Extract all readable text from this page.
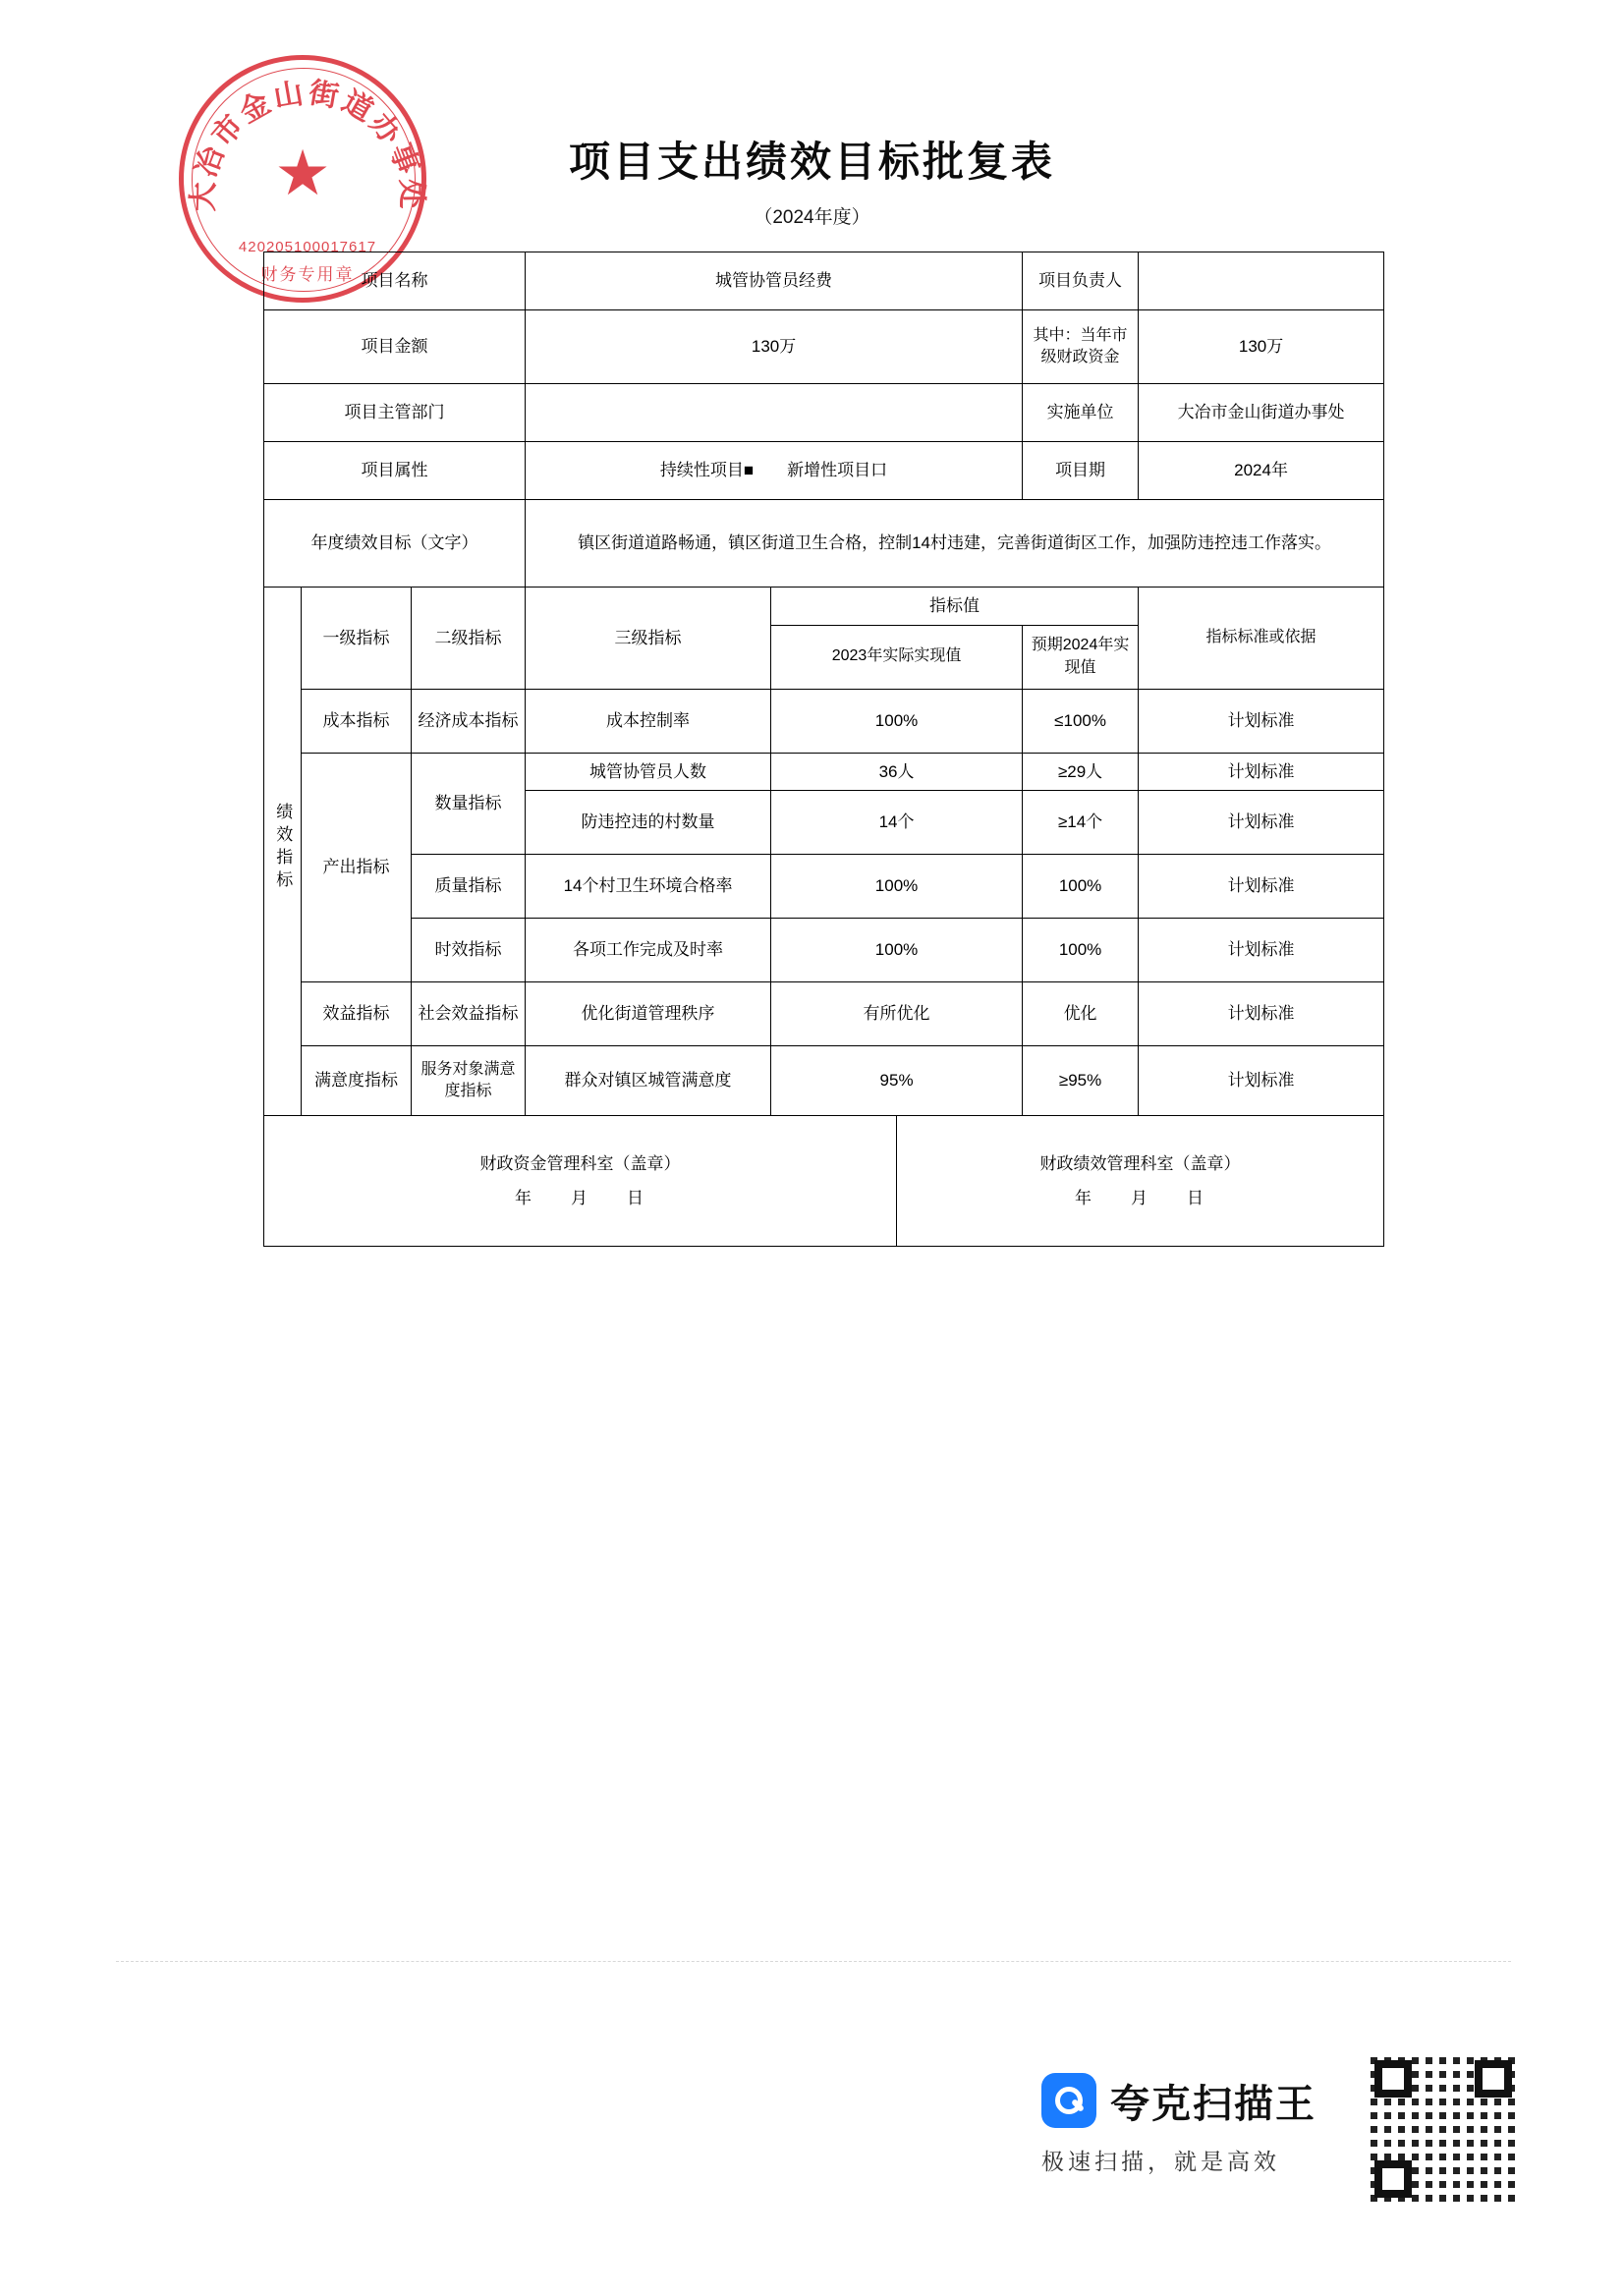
大冶市金山街道办事处
★
420205100017617
财务专用章
项目支出绩效目标批复表
（2024年度）
项目名称			城管协管员经费			项目负责人	
项目金额			130万			其中：当年市级财政资金	130万
项目主管部门						实施单位	大冶市金山街道办事处
项目属性			持续性项目■　　新增性项目口			项目期	2024年
年度绩效目标（文字）			镇区街道道路畅通，镇区街道卫生合格，控制14村违建，完善街道街区工作，加强防违控违工作落实。				
绩效指标	一级指标	二级指标	三级指标	指标值			指标标准或依据
				2023年实际实现值		预期2024年实现值	
	成本指标	经济成本指标	成本控制率	100%		≤100%	计划标准
	产出指标	数量指标	城管协管员人数	36人		≥29人	计划标准
			防违控违的村数量	14个		≥14个	计划标准
		质量指标	14个村卫生环境合格率	100%		100%	计划标准
		时效指标	各项工作完成及时率	100%		100%	计划标准
	效益指标	社会效益指标	优化街道管理秩序	有所优化		优化	计划标准
	满意度指标	服务对象满意度指标	群众对镇区城管满意度	95%		≥95%	计划标准

财政资金管理科室（盖章）
年　　月　　日

财政绩效管理科室（盖章）
年　　月　　日
夸克扫描王
极速扫描，就是高效
